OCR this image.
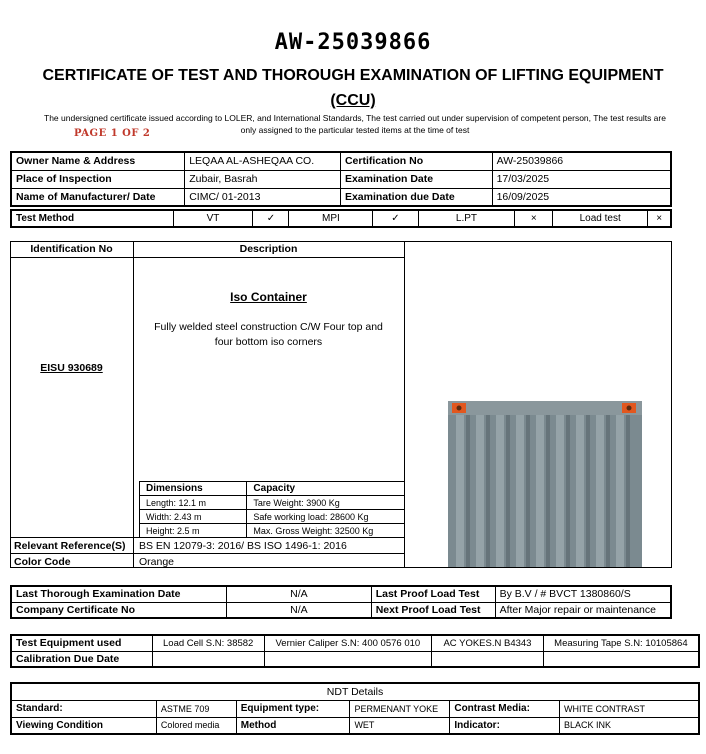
AW-25039866
CERTIFICATE OF TEST AND THOROUGH EXAMINATION OF LIFTING EQUIPMENT
(CCU)
The undersigned certificate issued according to LOLER, and International Standards, The test carried out under supervision of competent person, The test results are
only assigned to the particular tested items at the time of test
PAGE 1 OF 2
Owner Name & Address	LEQAA AL-ASHEQAA CO.	Certification No	AW-25039866
Place of Inspection	Zubair, Basrah	Examination Date	17/03/2025
Name of Manufacturer/ Date	CIMC/ 01-2013	Examination due Date	16/09/2025
Test Method	VT	✓	MPI	✓	L.PT	×	Load test	×
Identification No	Description
EISU 930689
Iso Container
Fully welded steel construction C/W Four top and
four bottom iso corners
Dimensions	Capacity
Length: 12.1 m	Tare Weight: 3900 Kg
Width: 2.43 m	Safe working load: 28600 Kg
Height: 2.5 m	Max. Gross Weight: 32500 Kg
Relevant Reference(S) BS EN 12079-3: 2016/ BS ISO 1496-1: 2016
Color Code	Orange
Last Thorough Examination Date	N/A	Last Proof Load Test	By B.V / # BVCT 1380860/S
Company Certificate No	N/A	Next Proof Load Test	After Major repair or maintenance
Test Equipment used	Load Cell S.N: 38582	Vernier Caliper S.N: 400 0576 010	AC YOKES.N B4343	Measuring Tape S.N: 10105864
Calibration Due Date				
NDT Details					
Standard:	ASTME 709	Equipment type:	PERMENANT YOKE	Contrast Media:	WHITE CONTRAST
Viewing Condition	Colored media	Method	WET	Indicator:	BLACK INK
